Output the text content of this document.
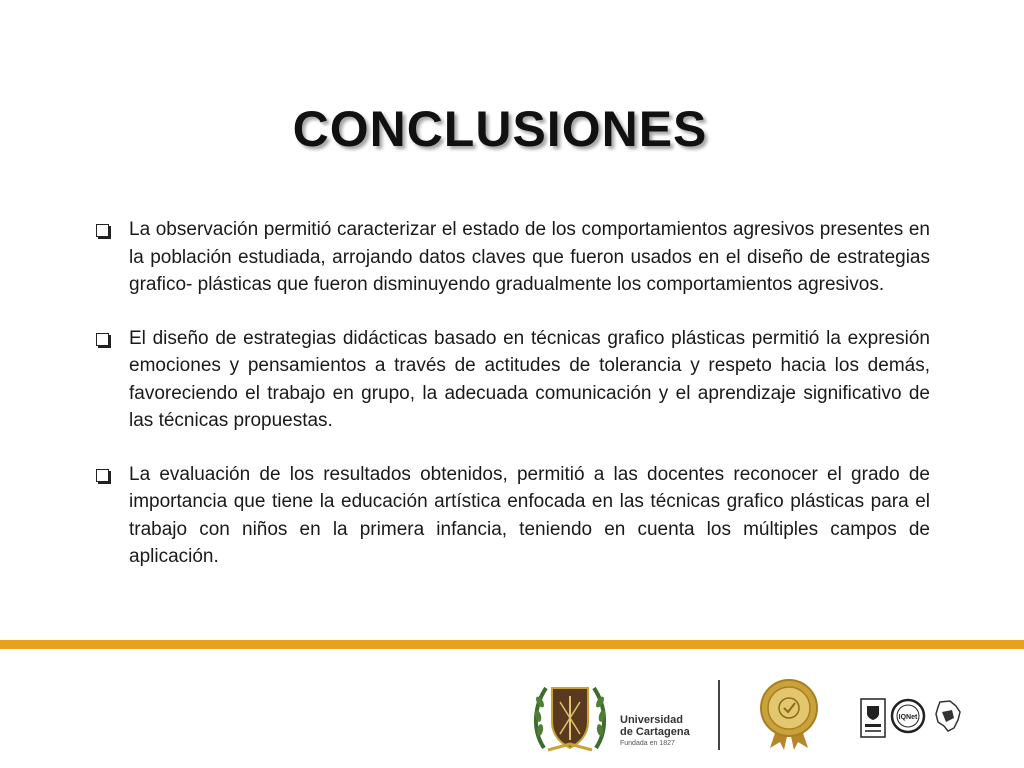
CONCLUSIONES
La observación permitió caracterizar el estado de los comportamientos agresivos presentes en la población estudiada, arrojando datos claves que fueron usados en el diseño de estrategias grafico- plásticas que fueron disminuyendo gradualmente los comportamientos agresivos.
El diseño de estrategias didácticas basado en técnicas grafico plásticas permitió la expresión emociones y pensamientos a través de actitudes de tolerancia y respeto hacia los demás, favoreciendo el trabajo en grupo, la adecuada comunicación y el aprendizaje significativo de las técnicas propuestas.
La evaluación de los resultados obtenidos, permitió a las docentes reconocer el grado de importancia que tiene la educación artística enfocada en las técnicas grafico plásticas para el trabajo con niños en la primera infancia, teniendo en cuenta los múltiples campos de aplicación.
Universidad
de Cartagena
Fundada en 1827
IQNet
